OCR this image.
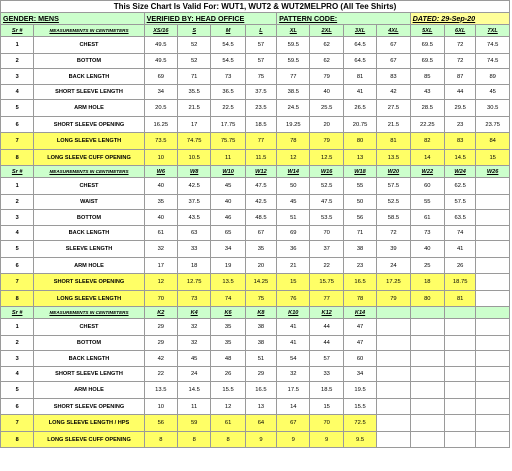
This Size Chart Is Valid For: WUT1, WUT2 & WUT2MELPRO (All Tee Shirts)												
GENDER: MENS		VERIFIED BY: HEAD OFFICE				PATTERN CODE:				DATED: 29-Sep-20		
Sr #	MEASUREMENTS IN CENTIMETERS	XS/16	S	M	L	XL	2XL	3XL	4XL	5XL	6XL	7XL
1	CHEST	49.5	52	54.5	57	59.5	62	64.5	67	69.5	72	74.5
2	BOTTOM	49.5	52	54.5	57	59.5	62	64.5	67	69.5	72	74.5
3	BACK LENGTH	69	71	73	75	77	79	81	83	85	87	89
4	SHORT SLEEVE LENGTH	34	35.5	36.5	37.5	38.5	40	41	42	43	44	45
5	ARM HOLE	20.5	21.5	22.5	23.5	24.5	25.5	26.5	27.5	28.5	29.5	30.5
6	SHORT SLEEVE OPENING	16.25	17	17.75	18.5	19.25	20	20.75	21.5	22.25	23	23.75
7	LONG SLEEVE LENGTH	73.5	74.75	75.75	77	78	79	80	81	82	83	84
8	LONG SLEEVE CUFF OPENING	10	10.5	11	11.5	12	12.5	13	13.5	14	14.5	15
Sr #	MEASUREMENTS IN CENTIMETERS	W6	W8	W10	W12	W14	W16	W18	W20	W22	W24	W26
1	CHEST	40	42.5	45	47.5	50	52.5	55	57.5	60	62.5	
2	WAIST	35	37.5	40	42.5	45	47.5	50	52.5	55	57.5	
3	BOTTOM	40	43.5	46	48.5	51	53.5	56	58.5	61	63.5	
4	BACK LENGTH	61	63	65	67	69	70	71	72	73	74	
5	SLEEVE LENGTH	32	33	34	35	36	37	38	39	40	41	
6	ARM HOLE	17	18	19	20	21	22	23	24	25	26	
7	SHORT SLEEVE OPENING	12	12.75	13.5	14.25	15	15.75	16.5	17.25	18	18.75	
8	LONG SLEEVE LENGTH	70	73	74	75	76	77	78	79	80	81	
Sr #	MEASUREMENTS IN CENTIMETERS	K2	K4	K6	K8	K10	K12	K14				
1	CHEST	29	32	35	38	41	44	47				
2	BOTTOM	29	32	35	38	41	44	47				
3	BACK LENGTH	42	45	48	51	54	57	60				
4	SHORT SLEEVE LENGTH	22	24	26	29	32	33	34				
5	ARM HOLE	13.5	14.5	15.5	16.5	17.5	18.5	19.5				
6	SHORT SLEEVE OPENING	10	11	12	13	14	15	15.5				
7	LONG SLEEVE LENGTH / HPS	56	59	61	64	67	70	72.5				
8	LONG SLEEVE CUFF OPENING	8	8	8	9	9	9	9.5				
